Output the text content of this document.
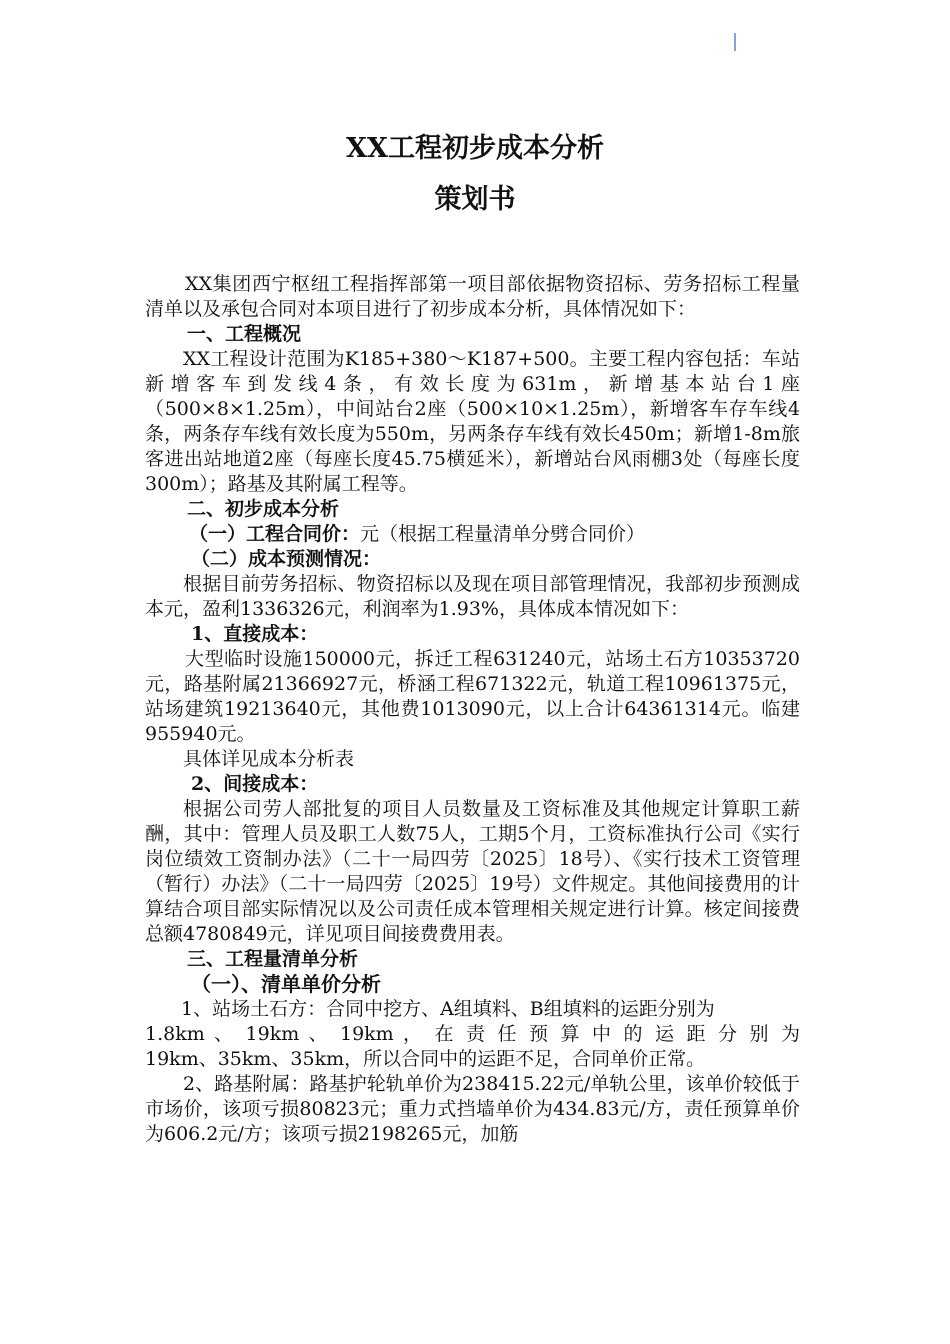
XX工程初步成本分析
策划书

XX集团西宁枢纽工程指挥部第一项目部依据物资招标、劳务招标工程量清单以及承包合同对本项目进行了初步成本分析，具体情况如下：

一、工程概况

XX工程设计范围为K185+380～K187+500。主要工程内容包括：车站新增客车到发线4条，有效长度为631m，新增基本站台1座（500×8×1.25m），中间站台2座（500×10×1.25m），新增客车存车线4条，两条存车线有效长度为550m，另两条存车线有效长450m；新增1-8m旅客进出站地道2座（每座长度45.75横延米），新增站台风雨棚3处（每座长度300m）；路基及其附属工程等。

二、初步成本分析

（一）工程合同价：元（根据工程量清单分劈合同价）

（二）成本预测情况：

根据目前劳务招标、物资招标以及现在项目部管理情况，我部初步预测成本元，盈利1336326元，利润率为1.93%，具体成本情况如下：

1、直接成本：

大型临时设施150000元，拆迁工程631240元，站场土石方10353720元，路基附属21366927元，桥涵工程671322元，轨道工程10961375元，站场建筑19213640元，其他费1013090元，以上合计64361314元。临建955940元。

具体详见成本分析表

2、间接成本：

根据公司劳人部批复的项目人员数量及工资标准及其他规定计算职工薪酬，其中：管理人员及职工人数75人，工期5个月，工资标准执行公司《实行岗位绩效工资制办法》（二十一局四劳〔2025〕18号）、《实行技术工资管理（暂行）办法》（二十一局四劳〔2025〕19号）文件规定。其他间接费用的计算结合项目部实际情况以及公司责任成本管理相关规定进行计算。核定间接费总额4780849元，详见项目间接费费用表。

三、工程量清单分析

（一）、清单单价分析

1、站场土石方：合同中挖方、A组填料、B组填料的运距分别为

1.8km 、 19km 、 19km ， 在 责 任 预 算 中 的 运 距 分 别 为

19km、35km、35km，所以合同中的运距不足，合同单价正常。

2、路基附属：路基护轮轨单价为238415.22元/单轨公里，该单价较低于市场价，该项亏损80823元；重力式挡墙单价为434.83元/方，责任预算单价为606.2元/方；该项亏损2198265元，加筋
